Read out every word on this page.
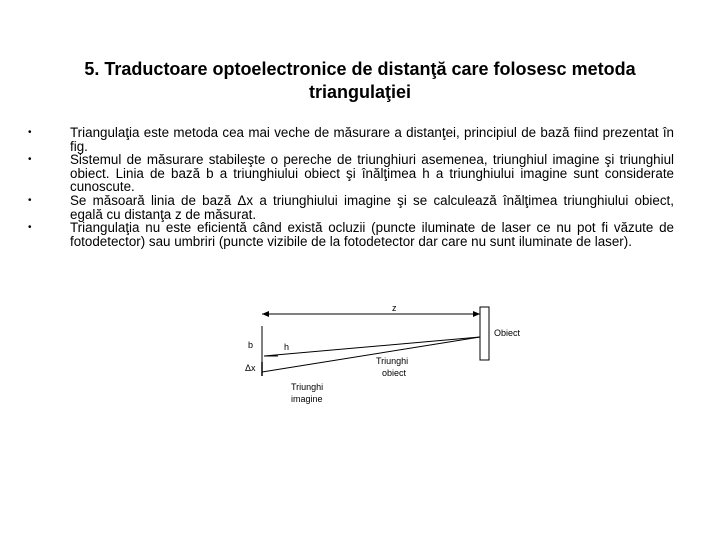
5. Traductoare optoelectronice de distanţă care folosesc metoda triangulaţiei
•	Triangulaţia este metoda cea mai veche de măsurare a distanţei, principiul de bază fiind prezentat în fig.
•	Sistemul de măsurare stabileşte o pereche de triunghiuri asemenea, triunghiul imagine şi triunghiul obiect. Linia de bază b a triunghiului obiect şi înălţimea h a triunghiului imagine sunt considerate cunoscute.
•	Se măsoară linia de bază Δx a triunghiului imagine şi se calculează înălţimea triunghiului obiect, egală cu distanţa z de măsurat.
•	Triangulaţia nu este eficientă când există ocluzii (puncte iluminate de laser ce nu pot fi văzute de fotodetector) sau umbriri (puncte vizibile de la fotodetector dar care nu sunt iluminate de laser).
z
Obiect
b	h
Δx
Triunghi
obiect
Triunghi
imagine
